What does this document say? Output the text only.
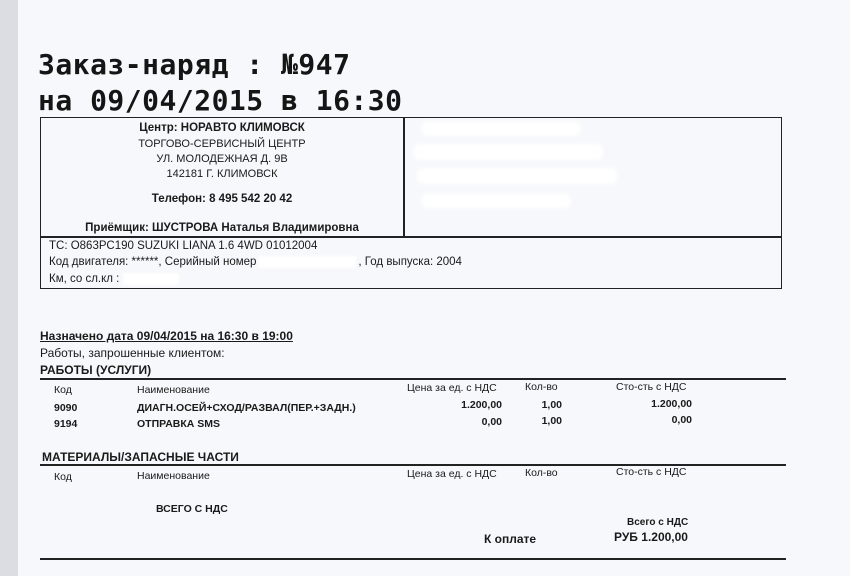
Заказ-наряд : №947
на 09/04/2015 в 16:30
Центр: НОРАВТО КЛИМОВСК
ТОРГОВО-СЕРВИСНЫЙ ЦЕНТР
УЛ. МОЛОДЕЖНАЯ Д. 9В
142181 Г. КЛИМОВСК
Телефон: 8 495 542 20 42
Приёмщик: ШУСТРОВА Наталья Владимировна
ТС: О863РС190 SUZUKI LIANA 1.6 4WD 01012004
Код двигателя: ******, Серийный номер	, Год выпуска: 2004
Км, со сл.кл :
Назначено дата 09/04/2015 на 16:30 в 19:00
Работы, запрошенные клиентом:
РАБОТЫ (УСЛУГИ)
Код	Наименование	Цена за ед. с НДС	Кол-во	Сто-сть с НДС
9090	ДИАГН.ОСЕЙ+СХОД/РАЗВАЛ(ПЕР.+ЗАДН.)	1.200,00	1,00	1.200,00
9194	ОТПРАВКА SMS	0,00	1,00	0,00
МАТЕРИАЛЫ/ЗАПАСНЫЕ ЧАСТИ
Код	Наименование	Цена за ед. с НДС	Кол-во	Сто-сть с НДС
ВСЕГО С НДС
Всего с НДС
К оплате	РУБ 1.200,00
